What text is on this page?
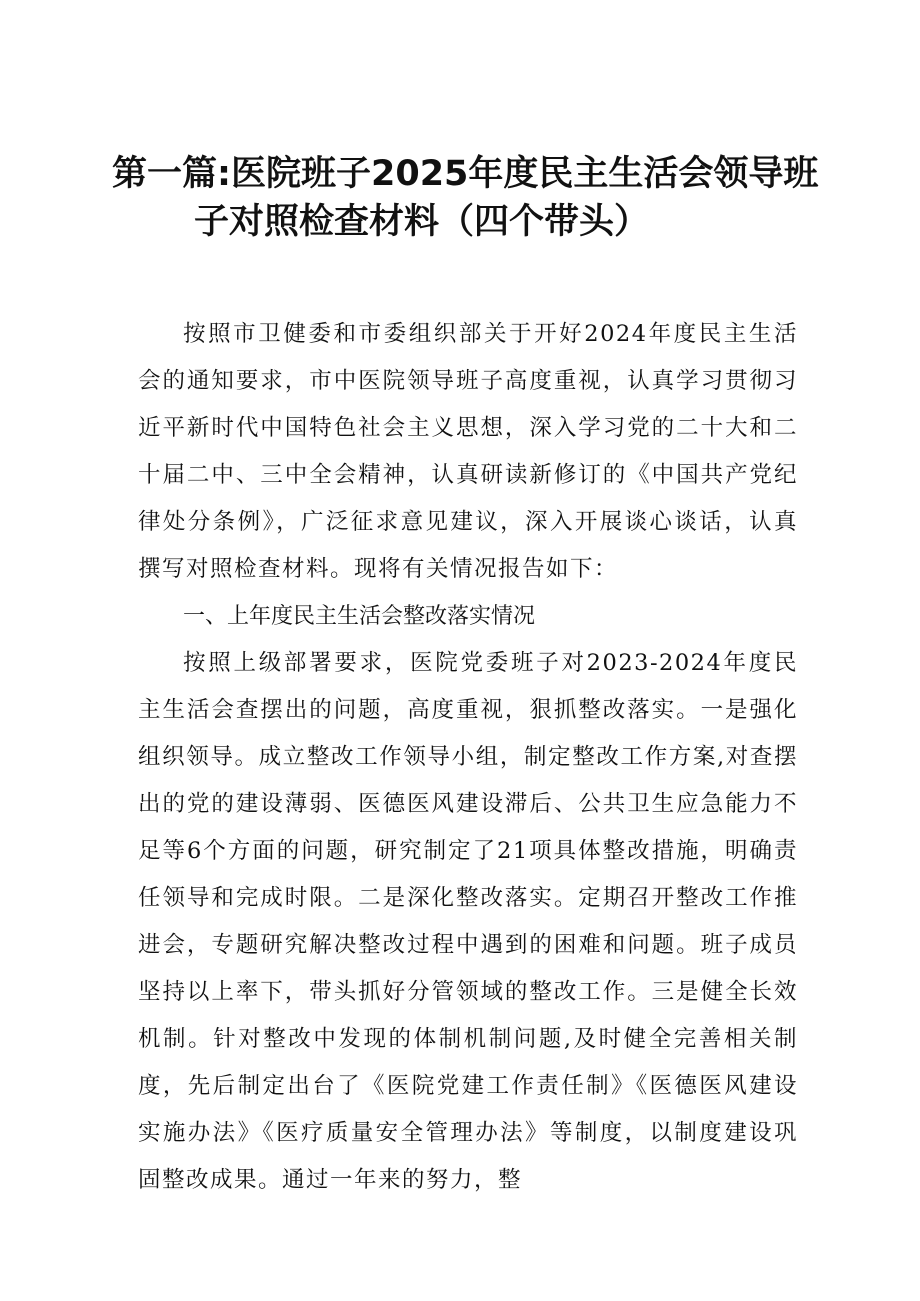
第一篇:医院班子2025年度民主生活会领导班
子对照检查材料（四个带头）

按照市卫健委和市委组织部关于开好2024年度民主生活会的通知要求，市中医院领导班子高度重视，认真学习贯彻习近平新时代中国特色社会主义思想，深入学习党的二十大和二十届二中、三中全会精神，认真研读新修订的《中国共产党纪律处分条例》，广泛征求意见建议，深入开展谈心谈话，认真撰写对照检查材料。现将有关情况报告如下：

一、上年度民主生活会整改落实情况

按照上级部署要求，医院党委班子对2023-2024年度民主生活会查摆出的问题，高度重视，狠抓整改落实。一是强化组织领导。成立整改工作领导小组，制定整改工作方案,对查摆出的党的建设薄弱、医德医风建设滞后、公共卫生应急能力不足等6个方面的问题，研究制定了21项具体整改措施，明确责任领导和完成时限。二是深化整改落实。定期召开整改工作推进会，专题研究解决整改过程中遇到的困难和问题。班子成员坚持以上率下，带头抓好分管领域的整改工作。三是健全长效机制。针对整改中发现的体制机制问题,及时健全完善相关制度，先后制定出台了《医院党建工作责任制》《医德医风建设实施办法》《医疗质量安全管理办法》等制度，以制度建设巩固整改成果。通过一年来的努力，整
